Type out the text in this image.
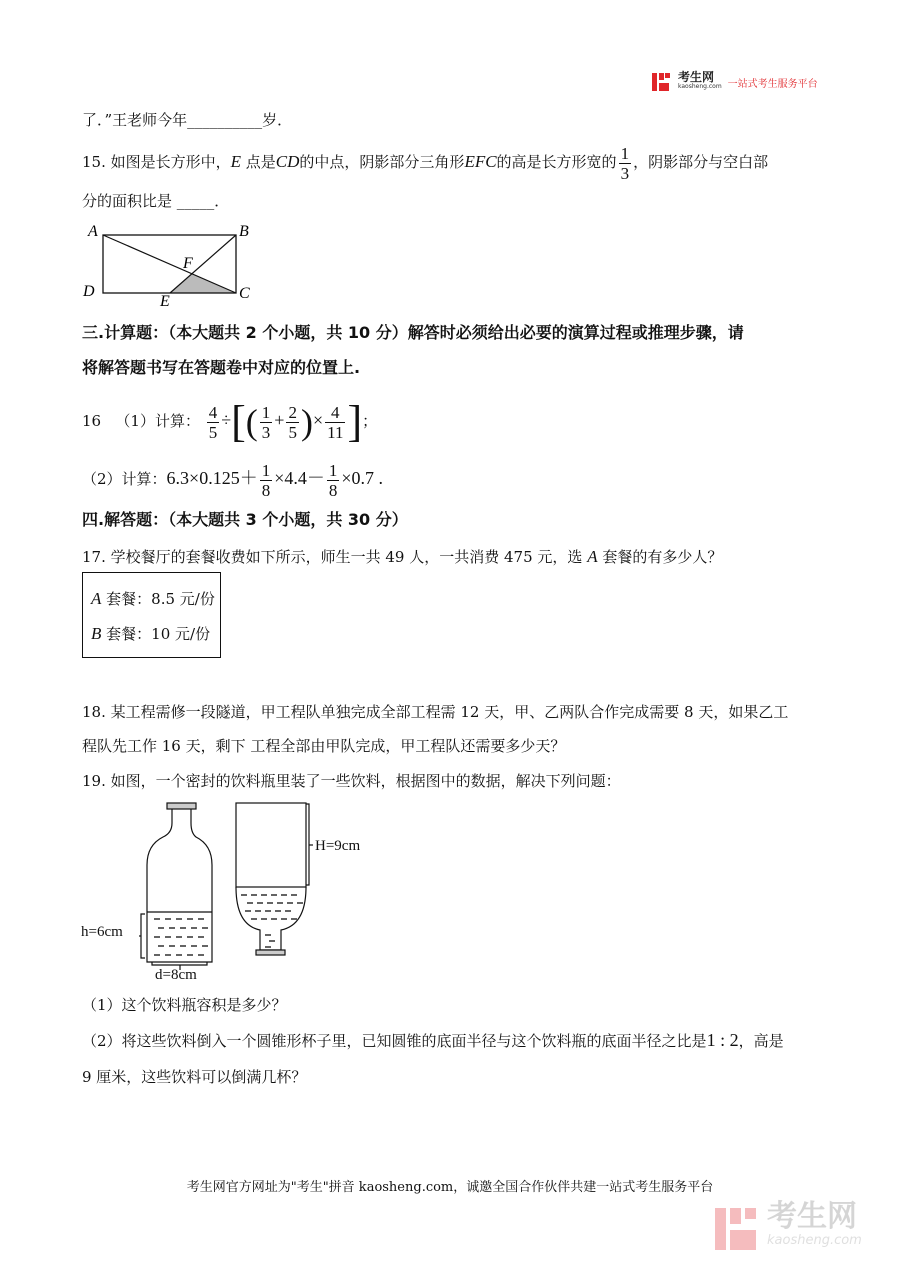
考生网
kaosheng.com 一站式考生服务平台
了．”王老师今年__________岁．
15. 如图是长方形中，E 点是CD的中点，阴影部分三角形EFC的高是长方形宽的 $\frac{1}{3}$ ，阴影部分与空白部
分的面积比是 _____．
A	B
C
D
E
F
三.计算题：（本大题共 2 个小题，共 10 分）解答时必须给出必要的演算过程或推理步骤，请
将解答题书写在答题卷中对应的位置上.
16 （1）计算： $\frac{4}{5}$ ÷[( $\frac{1}{3} + \frac{2}{5}$ )× $\frac{4}{11}$ ]；
（2）计算：$6.3\times 0.125+ \frac{1}{8} \times 4.4- \frac{1}{8} \times 0.7$ .
四.解答题：（本大题共 3 个小题，共 30 分）
17. 学校餐厅的套餐收费如下所示，师生一共 49 人，一共消费 475 元，选 A 套餐的有多少人？
A 套餐：8.5 元/份
B 套餐：10 元/份
18. 某工程需修一段隧道，甲工程队单独完成全部工程需 12 天，甲、乙两队合作完成需要 8 天，如果乙工
程队先工作 16 天，剩下 工程全部由甲队完成，甲工程队还需要多少天？
19. 如图，一个密封的饮料瓶里装了一些饮料，根据图中的数据，解决下列问题：
h=6cm
d=8cm
H=9cm
（1）这个饮料瓶容积是多少？
（2）将这些饮料倒入一个圆锥形杯子里，已知圆锥的底面半径与这个饮料瓶的底面半径之比是1 : 2，高是
9 厘米，这些饮料可以倒满几杯？
考生网官方网址为"考生"拼音 kaosheng.com，诚邀全国合作伙伴共建一站式考生服务平台
考生网
kaosheng.com
